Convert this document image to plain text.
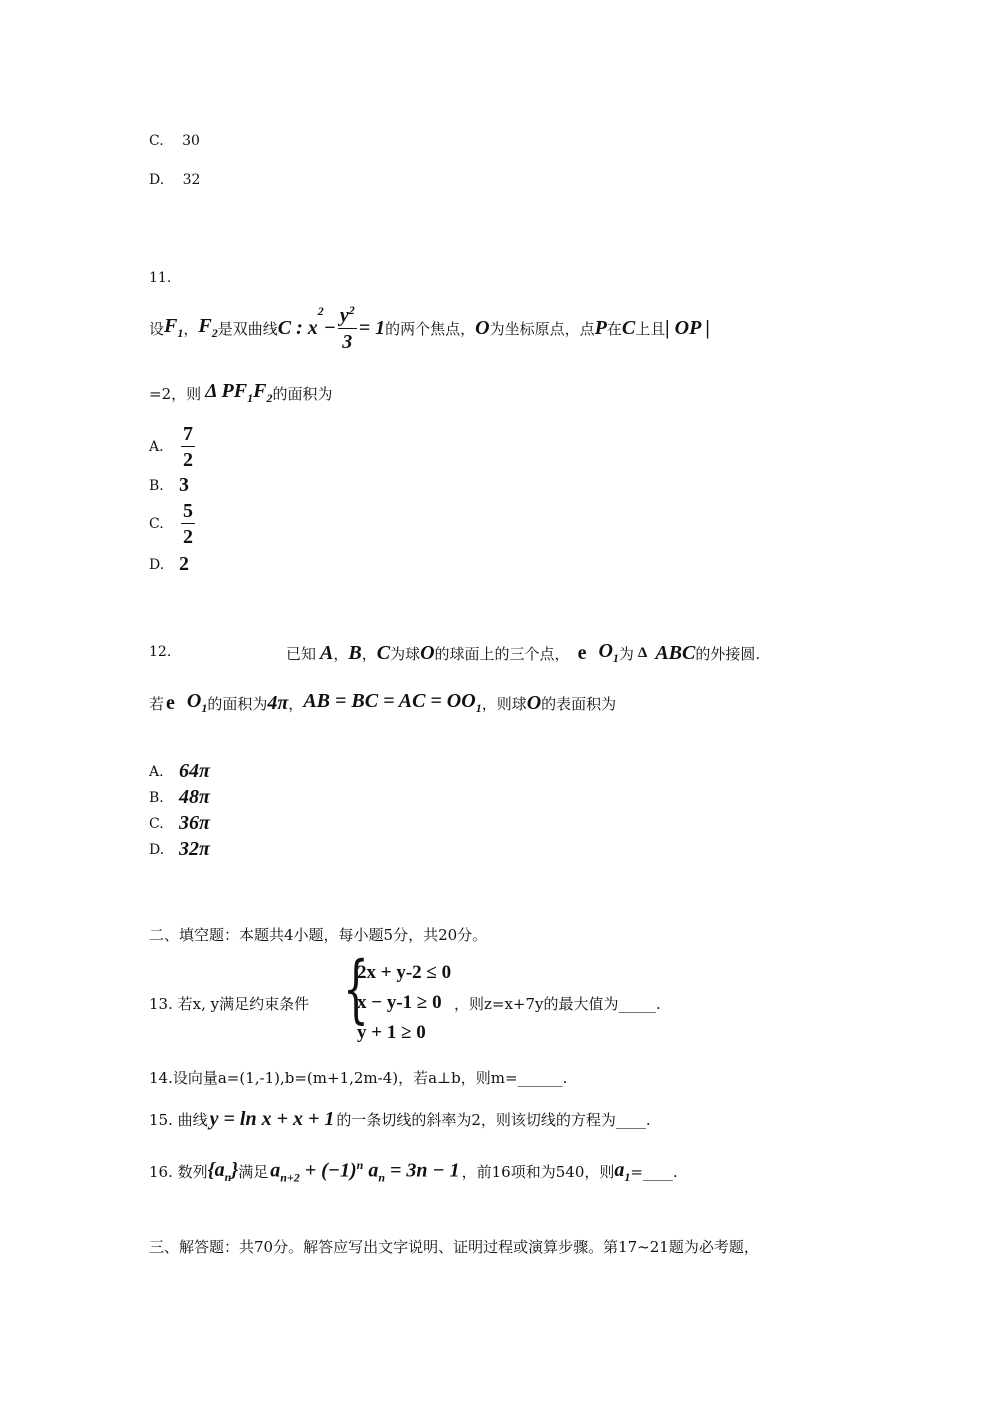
C. 30
D. 32
11.
设 $F_1$ ， $F_2$ 是双曲线 C : x
$^2$
− $\frac{y^2}{3} = 1$ 的两个焦点， O 为坐标原点，点 P 在 C 上且 | OP |
=2，则 Δ $PF_1F_2$ 的面积为
A. $\frac{7}{2}$
B. 3
C. $\frac{5}{2}$
D. 2
12.	已知 A ， B ， C 为球 O 的球面上的三个点， e $O_1$ 为 Δ ABC 的外接圆.
若 e $O_1$ 的面积为 4π ， AB = BC = AC = $OO_1$ ，则球 O 的表面积为
A. 64π
B. 48π
C. 36π
D. 32π
二、填空题：本题共4小题，每小题5分，共20分。
13. 若x, y满足约束条件 {
2x + y-2 ≤ 0
x − y-1 ≥ 0
y + 1 ≥ 0
，则z=x+7y的最大值为_____.
14.设向量a=(1,-1),b=(m+1,2m-4)，若a⊥b，则m=______.
15. 曲线 y = ln x + x + 1 的一条切线的斜率为2，则该切线的方程为____.
16. 数列 $\{a_n\}$ 满足 $a_{n+2} + (-1)^n$ $a_n = 3n - 1$ ，前16项和为540，则 $a_1$ =____.
三、解答题：共70分。解答应写出文字说明、证明过程或演算步骤。第17~21题为必考题，
